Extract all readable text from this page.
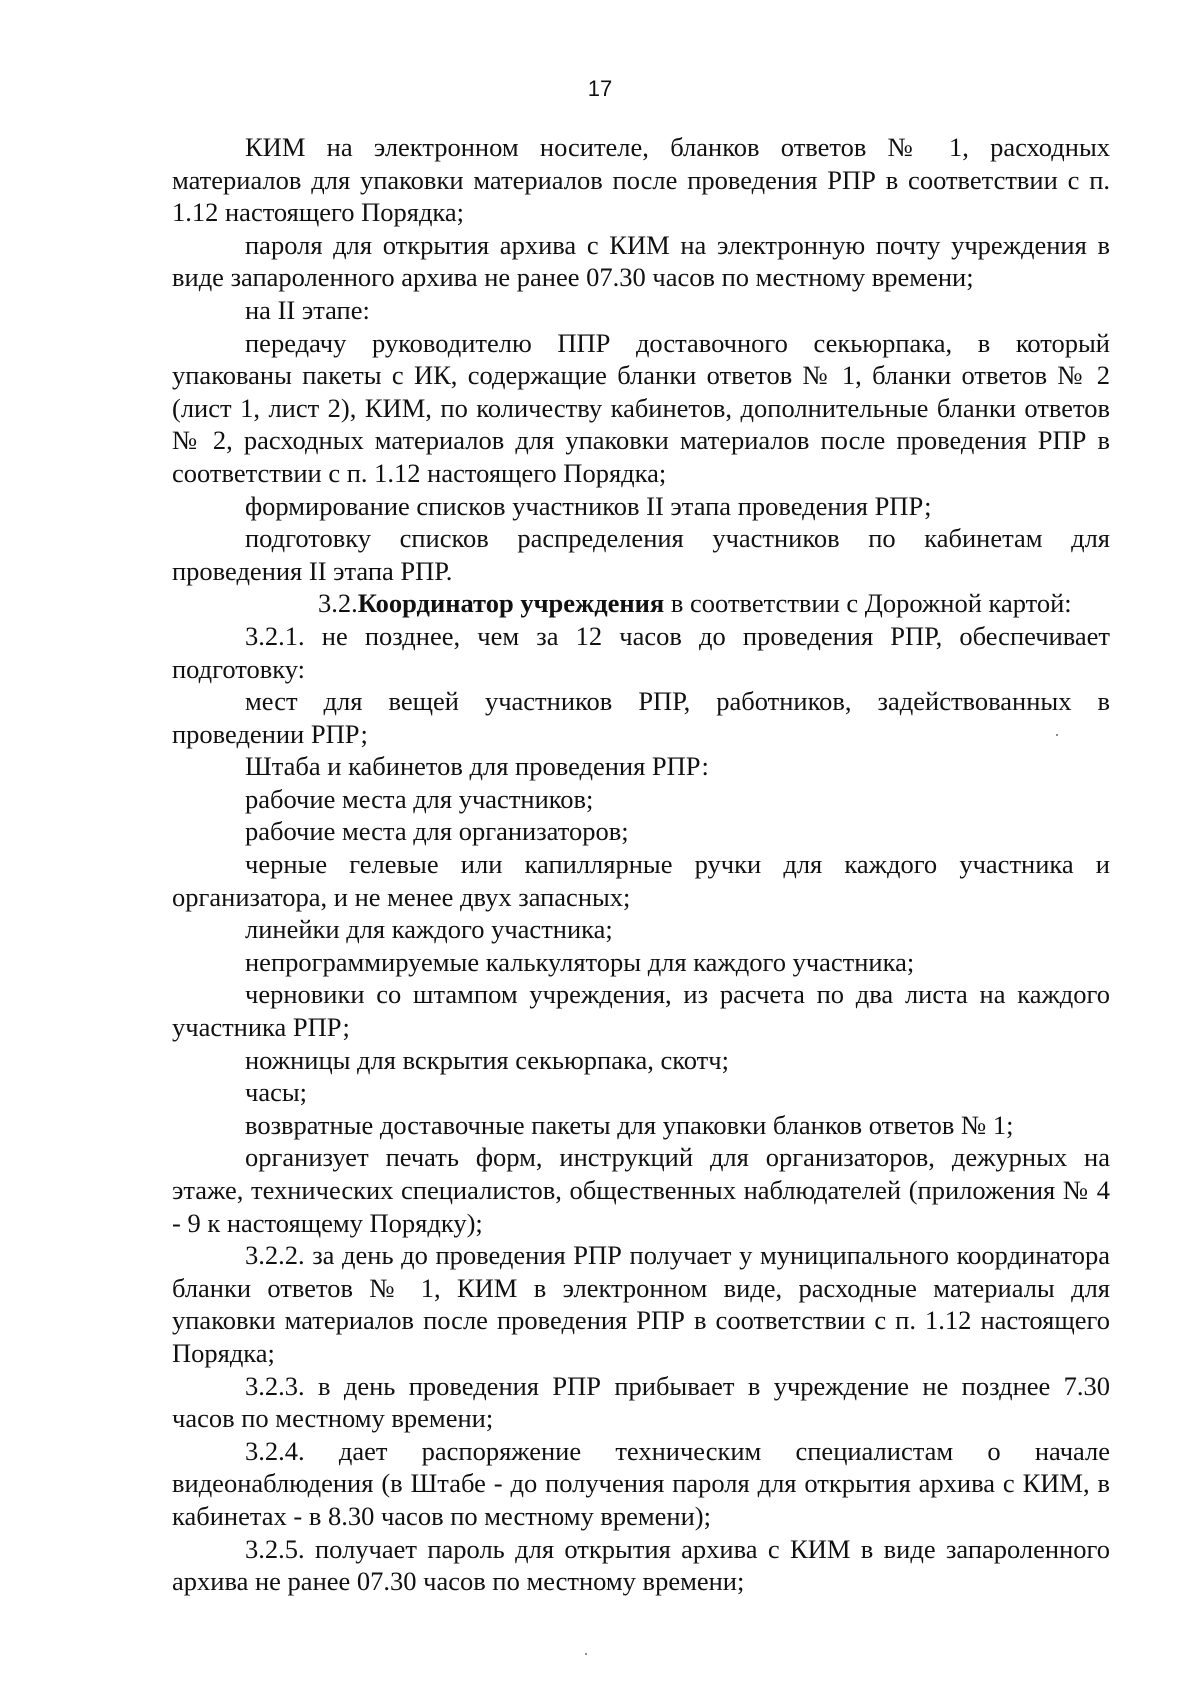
17

КИМ на электронном носителе, бланков ответов № 1, расходных материалов для упаковки материалов после проведения РПР в соответствии с п. 1.12 настоящего Порядка;

пароля для открытия архива с КИМ на электронную почту учреждения в виде запароленного архива не ранее 07.30 часов по местному времени;

на II этапе:

передачу руководителю ППР доставочного секьюрпака, в который упакованы пакеты с ИК, содержащие бланки ответов № 1, бланки ответов № 2 (лист 1, лист 2), КИМ, по количеству кабинетов, дополнительные бланки ответов № 2, расходных материалов для упаковки материалов после проведения РПР в соответствии с п. 1.12 настоящего Порядка;

формирование списков участников II этапа проведения РПР;

подготовку списков распределения участников по кабинетам для проведения II этапа РПР.

3.2.Координатор учреждения в соответствии с Дорожной картой:

3.2.1. не позднее, чем за 12 часов до проведения РПР, обеспечивает подготовку:

мест для вещей участников РПР, работников, задействованных в проведении РПР;

Штаба и кабинетов для проведения РПР:

рабочие места для участников;

рабочие места для организаторов;

черные гелевые или капиллярные ручки для каждого участника и организатора, и не менее двух запасных;

линейки для каждого участника;

непрограммируемые калькуляторы для каждого участника;

черновики со штампом учреждения, из расчета по два листа на каждого участника РПР;

ножницы для вскрытия секьюрпака, скотч;

часы;

возвратные доставочные пакеты для упаковки бланков ответов № 1;

организует печать форм, инструкций для организаторов, дежурных на этаже, технических специалистов, общественных наблюдателей (приложения № 4 - 9 к настоящему Порядку);

3.2.2. за день до проведения РПР получает у муниципального координатора бланки ответов № 1, КИМ в электронном виде, расходные материалы для упаковки материалов после проведения РПР в соответствии с п. 1.12 настоящего Порядка;

3.2.3. в день проведения РПР прибывает в учреждение не позднее 7.30 часов по местному времени;

3.2.4. дает распоряжение техническим специалистам о начале видеонаблюдения (в Штабе - до получения пароля для открытия архива с КИМ, в кабинетах - в 8.30 часов по местному времени);

3.2.5. получает пароль для открытия архива с КИМ в виде запароленного архива не ранее 07.30 часов по местному времени;
